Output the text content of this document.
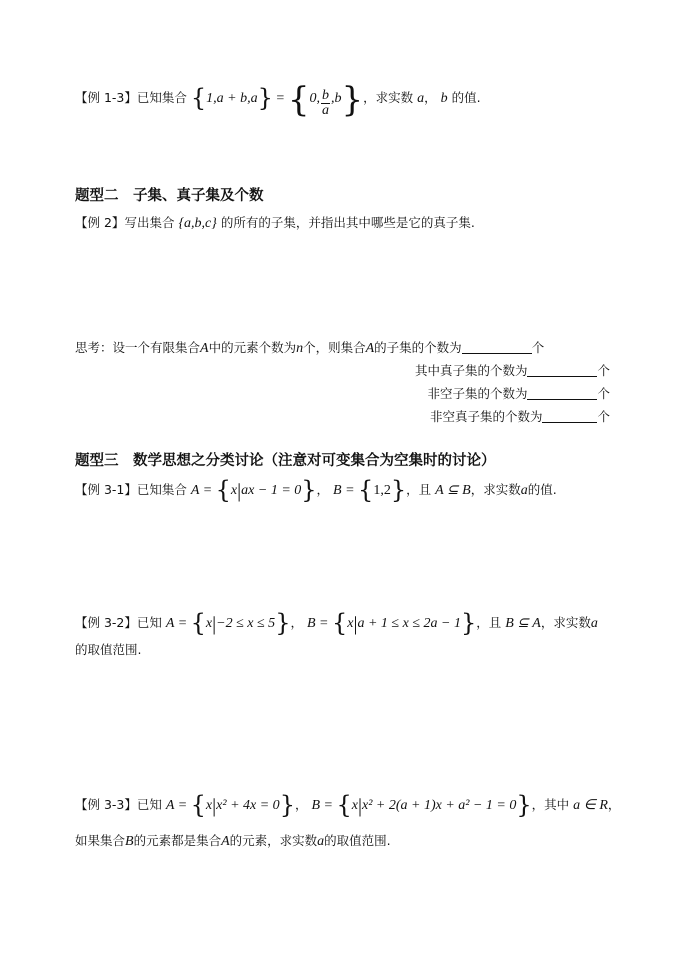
【例 1-3】已知集合 {1,a + b,a} = {0, $\frac{b}{a} ,b$}，求实数 a， b 的值.
题型二　子集、真子集及个数
【例 2】写出集合 {a,b,c} 的所有的子集，并指出其中哪些是它的真子集.
思考：设一个有限集合A中的元素个数为n个，则集合A的子集的个数为	个
其中真子集的个数为	个
非空子集的个数为	个
非空真子集的个数为	个
题型三　数学思想之分类讨论（注意对可变集合为空集时的讨论）
【例 3-1】已知集合 A = {x|ax − 1 = 0}， B = {1,2}，且 A ⊆ B，求实数a的值.
【例 3-2】已知 A = {x|−2 ≤ x ≤ 5}， B = {x|a + 1 ≤ x ≤ 2a − 1}，且 B ⊆ A，求实数a
的取值范围.
【例 3-3】已知 A = {x|x² + 4x = 0}， B = {x|x² + 2(a + 1)x + a² − 1 = 0}，其中 a ∈ R，
如果集合B的元素都是集合A的元素，求实数a的取值范围.
